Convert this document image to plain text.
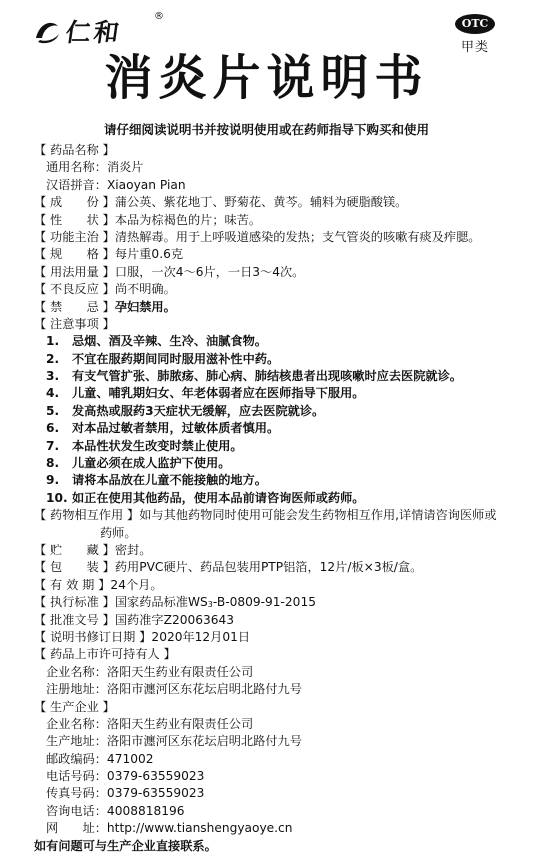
仁和
®
OTC
甲类
消炎片说明书
请仔细阅读说明书并按说明使用或在药师指导下购买和使用
【 药品名称 】
通用名称：消炎片
汉语拼音：Xiaoyan Pian
【 成　　份 】蒲公英、紫花地丁、野菊花、黄芩。辅料为硬脂酸镁。
【 性　　状 】本品为棕褐色的片；味苦。
【 功能主治 】清热解毒。用于上呼吸道感染的发热；支气管炎的咳嗽有痰及痄腮。
【 规　　格 】每片重0.6克
【 用法用量 】口服，一次4～6片，一日3～4次。
【 不良反应 】尚不明确。
【 禁　　忌 】孕妇禁用。
【 注意事项 】
1.	忌烟、酒及辛辣、生冷、油腻食物。
2.	不宜在服药期间同时服用滋补性中药。
3.	有支气管扩张、肺脓疡、肺心病、肺结核患者出现咳嗽时应去医院就诊。
4.	儿童、哺乳期妇女、年老体弱者应在医师指导下服用。
5.	发高热或服药3天症状无缓解，应去医院就诊。
6.	对本品过敏者禁用，过敏体质者慎用。
7.	本品性状发生改变时禁止使用。
8.	儿童必须在成人监护下使用。
9.	请将本品放在儿童不能接触的地方。
10. 如正在使用其他药品，使用本品前请咨询医师或药师。
【 药物相互作用 】如与其他药物同时使用可能会发生药物相互作用,详情请咨询医师或
药师。
【 贮　　藏 】密封。
【 包　　装 】药用PVC硬片、药品包装用PTP铝箔，12片/板×3板/盒。
【 有 效 期 】24个月。
【 执行标准 】国家药品标准$WS_3-B-0809-91-2015$
【 批准文号 】国药准字Z20063643
【 说明书修订日期 】2020年12月01日
【 药品上市许可持有人 】
企业名称：洛阳天生药业有限责任公司
注册地址：洛阳市瀍河区东花坛启明北路付九号
【 生产企业 】
企业名称：洛阳天生药业有限责任公司
生产地址：洛阳市瀍河区东花坛启明北路付九号
邮政编码：471002
电话号码：0379-63559023
传真号码：0379-63559023
咨询电话：4008818196
网　　址：http://www.tianshengyaoye.cn
如有问题可与生产企业直接联系。
